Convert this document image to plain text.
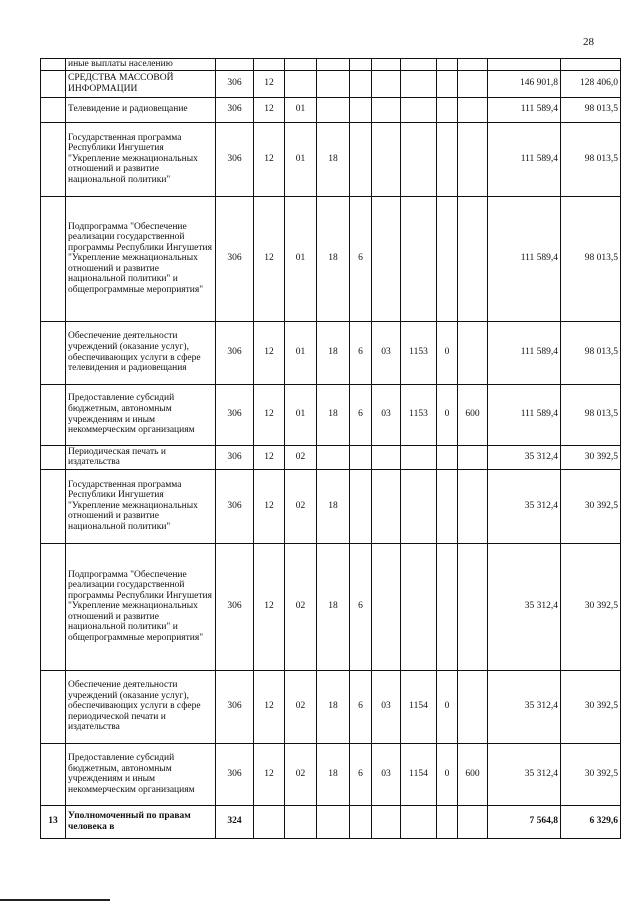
28
	иные выплаты населению											
	СРЕДСТВА МАССОВОЙ ИНФОРМАЦИИ	306	12								146 901,8	128 406,0
	Телевидение и радиовещание	306	12	01							111 589,4	98 013,5
	Государственная программа Республики Ингушетия "Укрепление межнациональных отношений и развитие национальной политики"	306	12	01	18						111 589,4	98 013,5
	Подпрограмма "Обеспечение реализации государственной программы Республики Ингушетия "Укрепление межнациональных отношений и развитие национальной политики" и общепрограммные мероприятия"	306	12	01	18	6					111 589,4	98 013,5
	Обеспечение деятельности учреждений (оказание услуг), обеспечивающих услуги в сфере телевидения и радиовещания	306	12	01	18	6	03	1153	0		111 589,4	98 013,5
	Предоставление субсидий бюджетным, автономным учреждениям и иным некоммерческим организациям	306	12	01	18	6	03	1153	0	600	111 589,4	98 013,5
	Периодическая печать и издательства	306	12	02							35 312,4	30 392,5
	Государственная программа Республики Ингушетия "Укрепление межнациональных отношений и развитие национальной политики"	306	12	02	18						35 312,4	30 392,5
	Подпрограмма "Обеспечение реализации государственной программы Республики Ингушетия "Укрепление межнациональных отношений и развитие национальной политики" и общепрограммные мероприятия"	306	12	02	18	6					35 312,4	30 392,5
	Обеспечение деятельности учреждений (оказание услуг), обеспечивающих услуги в сфере периодической печати и издательства	306	12	02	18	6	03	1154	0		35 312,4	30 392,5
	Предоставление субсидий бюджетным, автономным учреждениям и иным некоммерческим организациям	306	12	02	18	6	03	1154	0	600	35 312,4	30 392,5
13	Уполномоченный по правам человека в	324									7 564,8	6 329,6
